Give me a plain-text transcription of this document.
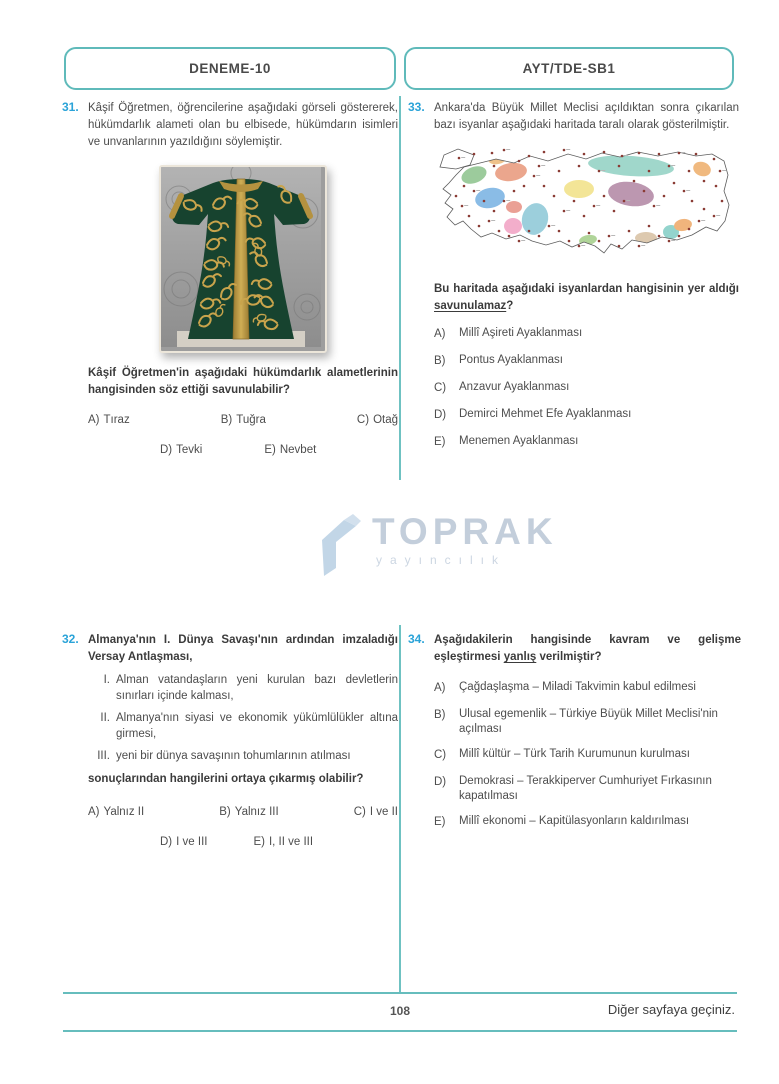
DENEME-10	AYT/TDE-SB1
31. Kâşif Öğretmen, öğrencilerine aşağıdaki görseli göstererek, hükümdarlık alameti olan bu elbisede, hükümdarın isimleri ve unvanlarının yazıldığını söylemiştir.
Kâşif Öğretmen'in aşağıdaki hükümdarlık alametlerinin hangisinden söz ettiği savunulabilir?
A) Tıraz	B) Tuğra	C) Otağ
D) Tevki	E) Nevbet
33. Ankara'da Büyük Millet Meclisi açıldıktan sonra çıkarılan bazı isyanlar aşağıdaki haritada taralı olarak gösterilmiştir.
Bu haritada aşağıdaki isyanlardan hangisinin yer aldığı savunulamaz?
A)	Millî Aşireti Ayaklanması
B)	Pontus Ayaklanması
C)	Anzavur Ayaklanması
D)	Demirci Mehmet Efe Ayaklanması
E)	Menemen Ayaklanması
32. Almanya'nın I. Dünya Savaşı'nın ardından imzaladığı Versay Antlaşması,
I. Alman vatandaşların yeni kurulan bazı devletlerin sınırları içinde kalması,
II. Almanya'nın siyasi ve ekonomik yükümlülükler altına girmesi,
III. yeni bir dünya savaşının tohumlarının atılması
sonuçlarından hangilerini ortaya çıkarmış olabilir?
A) Yalnız II	B) Yalnız III	C) I ve II
D) I ve III	E) I, II ve III
34. Aşağıdakilerin hangisinde kavram ve gelişme eşleştirmesi yanlış verilmiştir?
A)	Çağdaşlaşma – Miladi Takvimin kabul edilmesi
B)	Ulusal egemenlik – Türkiye Büyük Millet Meclisi'nin açılması
C)	Millî kültür – Türk Tarih Kurumunun kurulması
D)	Demokrasi – Terakkiperver Cumhuriyet Fırkasının kapatılması
E)	Millî ekonomi – Kapitülasyonların kaldırılması
TOPRAK
yayıncılık
108	Diğer sayfaya geçiniz.
